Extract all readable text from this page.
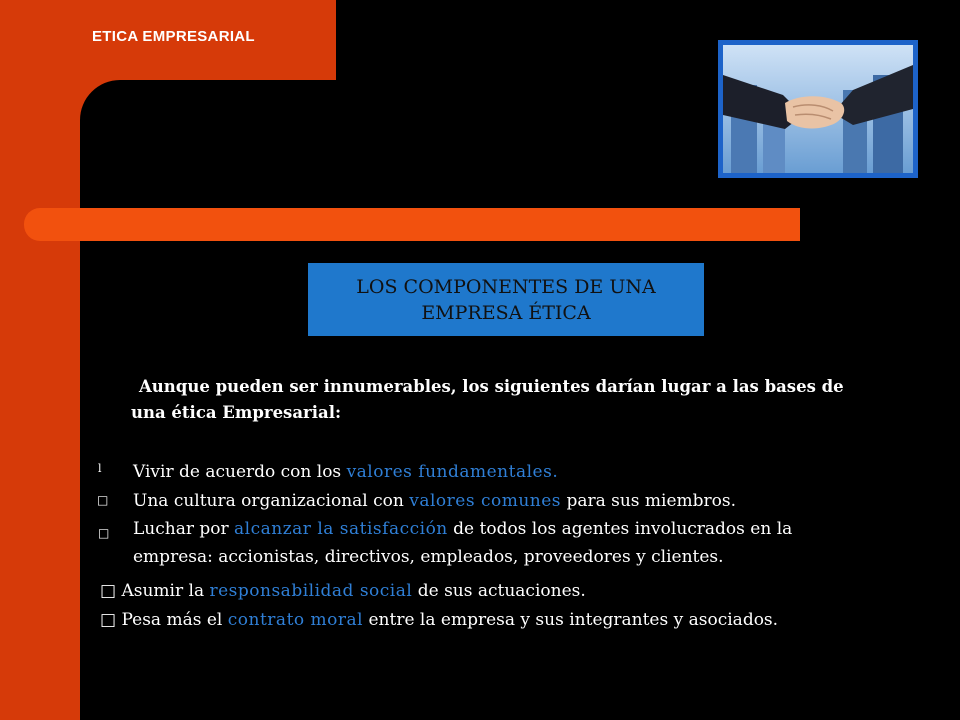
ETICA EMPRESARIAL
LOS COMPONENTES DE UNA
EMPRESA ÉTICA
Aunque pueden ser innumerables, los siguientes darían lugar a las bases de
una ética Empresarial:
l Vivir de acuerdo con los valores fundamentales.
□ Una cultura organizacional con valores comunes para sus miembros.
□ Luchar por alcanzar la satisfacción de todos los agentes involucrados en la
empresa: accionistas, directivos, empleados, proveedores y clientes.
□ Asumir la responsabilidad social de sus actuaciones.
□ Pesa más el contrato moral entre la empresa y sus integrantes y asociados.
